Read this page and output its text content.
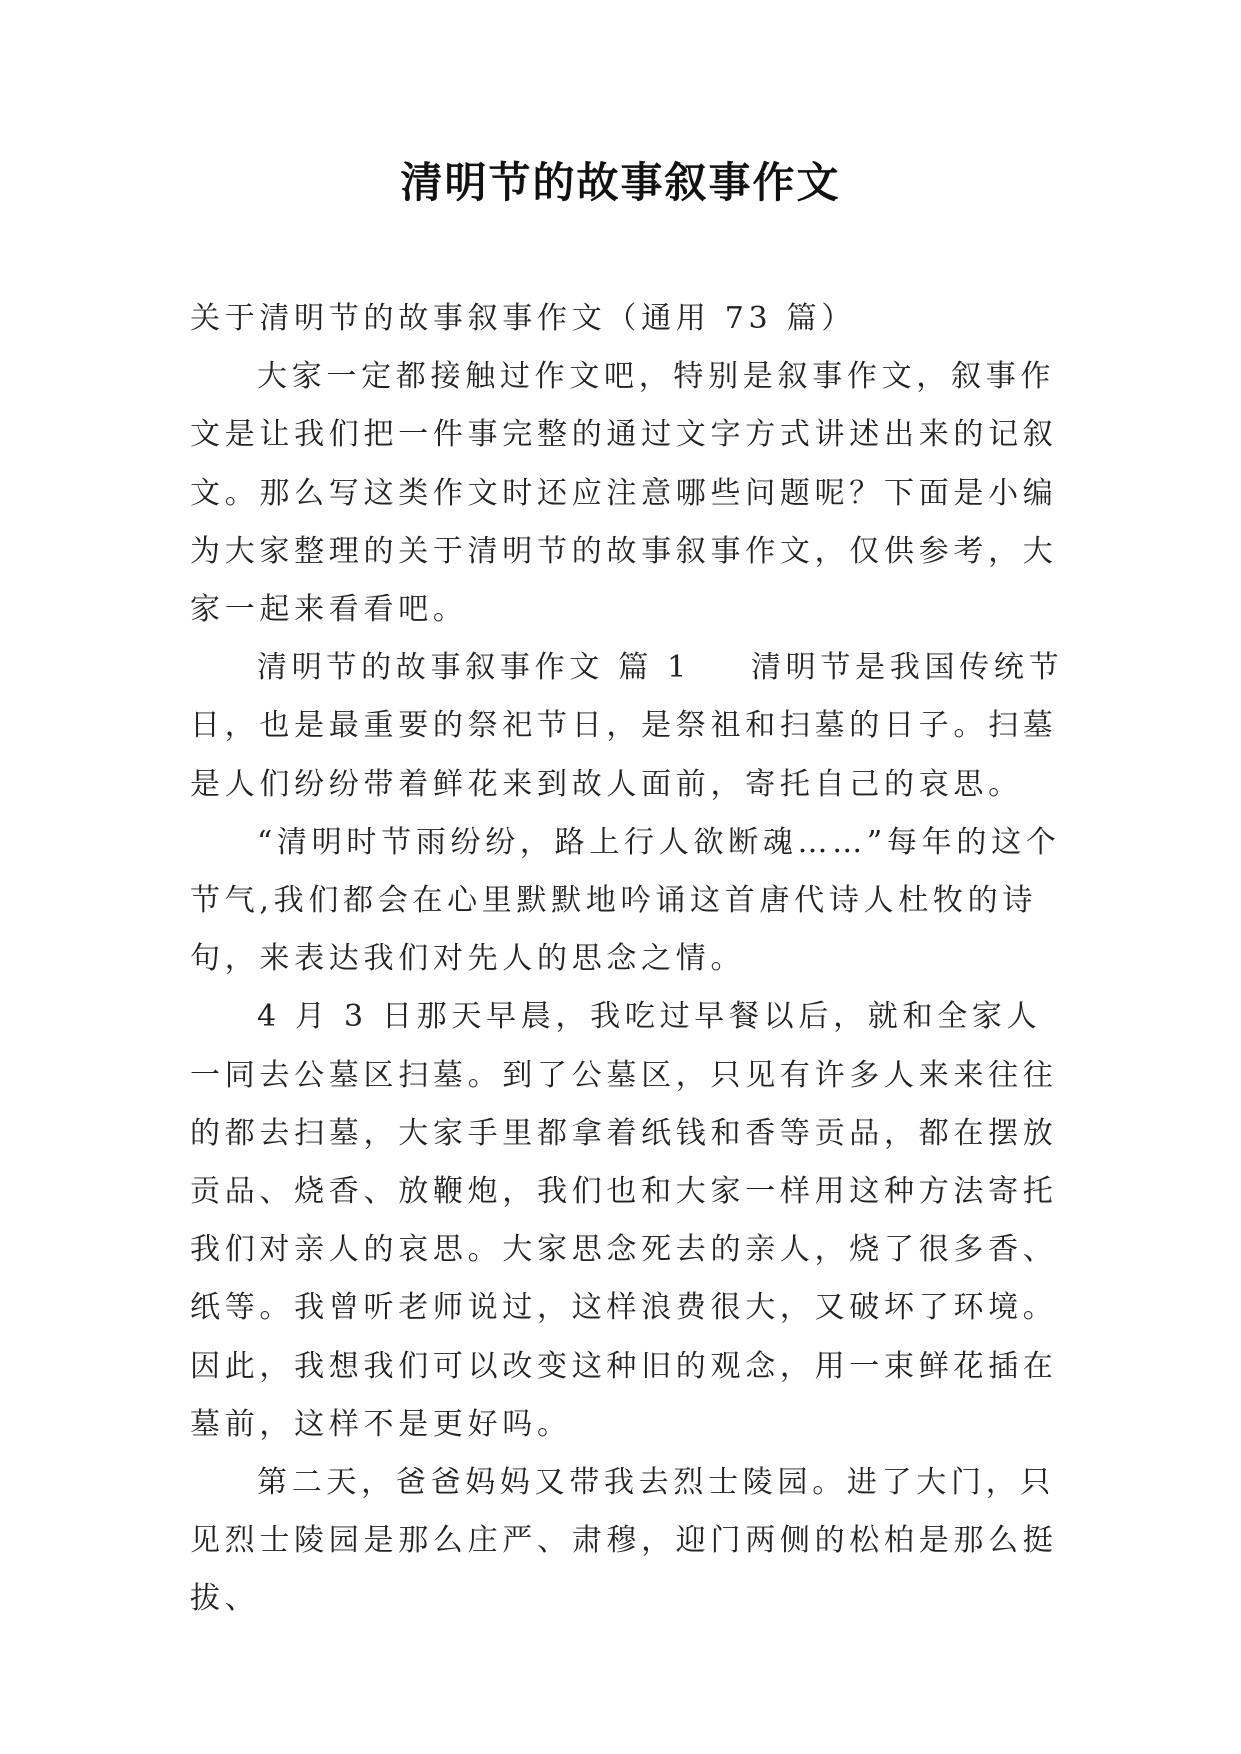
清明节的故事叙事作文

关于清明节的故事叙事作文（通用 73 篇）

大家一定都接触过作文吧，特别是叙事作文，叙事作文是让我们把一件事完整的通过文字方式讲述出来的记叙文。那么写这类作文时还应注意哪些问题呢？下面是小编为大家整理的关于清明节的故事叙事作文，仅供参考，大家一起来看看吧。

清明节的故事叙事作文 篇 1 清明节是我国传统节日，也是最重要的祭祀节日，是祭祖和扫墓的日子。扫墓是人们纷纷带着鲜花来到故人面前，寄托自己的哀思。

“清明时节雨纷纷，路上行人欲断魂……”每年的这个节气,我们都会在心里默默地吟诵这首唐代诗人杜牧的诗句，来表达我们对先人的思念之情。

4 月 3 日那天早晨，我吃过早餐以后，就和全家人一同去公墓区扫墓。到了公墓区，只见有许多人来来往往的都去扫墓，大家手里都拿着纸钱和香等贡品，都在摆放贡品、烧香、放鞭炮，我们也和大家一样用这种方法寄托我们对亲人的哀思。大家思念死去的亲人，烧了很多香、纸等。我曾听老师说过，这样浪费很大，又破坏了环境。因此，我想我们可以改变这种旧的观念，用一束鲜花插在墓前，这样不是更好吗。

第二天，爸爸妈妈又带我去烈士陵园。进了大门，只见烈士陵园是那么庄严、肃穆，迎门两侧的松柏是那么挺拔、
